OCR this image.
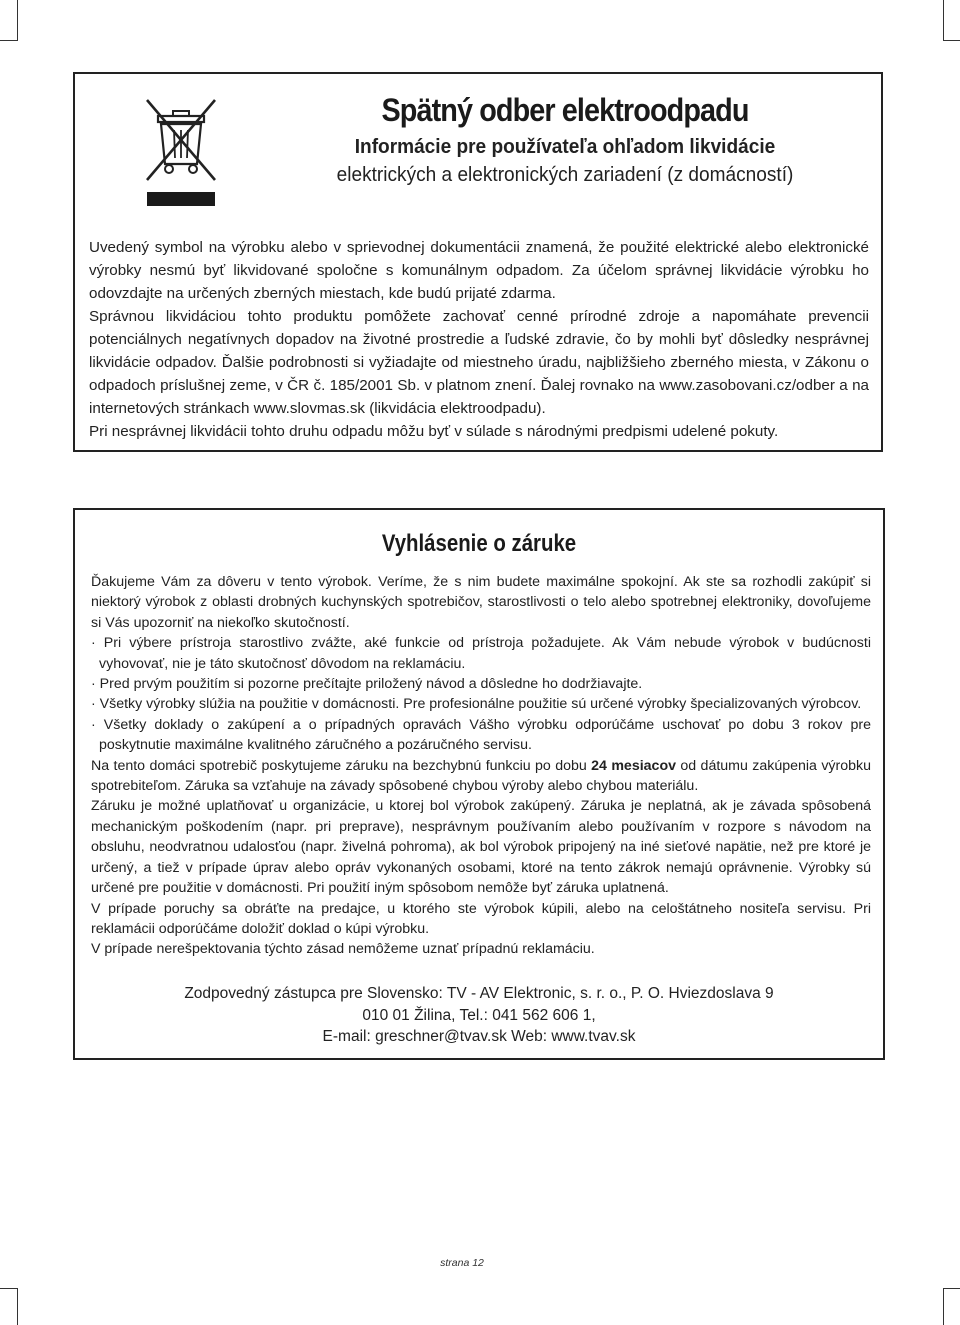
Spätný odber elektroodpadu
Informácie pre používateľa ohľadom likvidácie
elektrických a elektronických zariadení (z domácností)

Uvedený symbol na výrobku alebo v sprievodnej dokumentácii znamená, že použité elektrické alebo elektronické výrobky nesmú byť likvidované spoločne s komunálnym odpadom. Za účelom správnej likvidácie výrobku ho odovzdajte na určených zberných miestach, kde budú prijaté zdarma.

Správnou likvidáciou tohto produktu pomôžete zachovať cenné prírodné zdroje a napomáhate prevencii potenciálnych negatívnych dopadov na životné prostredie a ľudské zdravie, čo by mohli byť dôsledky nesprávnej likvidácie odpadov. Ďalšie podrobnosti si vyžiadajte od miestneho úradu, najbližšieho zberného miesta, v Zákonu o odpadoch príslušnej zeme, v ČR č. 185/2001 Sb. v platnom znení. Ďalej rovnako na www.zasobovani.cz/odber a na internetových stránkach www.slovmas.sk (likvidácia elektroodpadu).

Pri nesprávnej likvidácii tohto druhu odpadu môžu byť v súlade s národnými predpismi udelené pokuty.

Vyhlásenie o záruke

Ďakujeme Vám za dôveru v tento výrobok. Veríme, že s nim budete maximálne spokojní. Ak ste sa rozhodli zakúpiť si niektorý výrobok z oblasti drobných kuchynských spotrebičov, starostlivosti o telo alebo spotrebnej elektroniky, dovoľujeme si Vás upozorniť na niekoľko skutočností.

· Pri výbere prístroja starostlivo zvážte, aké funkcie od prístroja požadujete. Ak Vám nebude výrobok v budúcnosti vyhovovať, nie je táto skutočnosť dôvodom na reklamáciu.

· Pred prvým použitím si pozorne prečítajte priložený návod a dôsledne ho dodržiavajte.

· Všetky výrobky slúžia na použitie v domácnosti. Pre profesionálne použitie sú určené výrobky špecializovaných výrobcov.

· Všetky doklady o zakúpení a o prípadných opravách Vášho výrobku odporúčáme uschovať po dobu 3 rokov pre poskytnutie maximálne kvalitného záručného a pozáručného servisu.

Na tento domáci spotrebič poskytujeme záruku na bezchybnú funkciu po dobu 24 mesiacov od dátumu zakúpenia výrobku spotrebiteľom. Záruka sa vzťahuje na závady spôsobené chybou výroby alebo chybou materiálu.

Záruku je možné uplatňovať u organizácie, u ktorej bol výrobok zakúpený. Záruka je neplatná, ak je závada spôsobená mechanickým poškodením (napr. pri preprave), nesprávnym používaním alebo používaním v rozpore s návodom na obsluhu, neodvratnou udalosťou (napr. živelná pohroma), ak bol výrobok pripojený na iné sieťové napätie, než pre ktoré je určený, a tiež v prípade úprav alebo opráv vykonaných osobami, ktoré na tento zákrok nemajú oprávnenie. Výrobky sú určené pre použitie v domácnosti. Pri použití iným spôsobom nemôže byť záruka uplatnená.

V prípade poruchy sa obráťte na predajce, u ktorého ste výrobok kúpili, alebo na celoštátneho nositeľa servisu. Pri reklamácii odporúčáme doložiť doklad o kúpi výrobku.

V prípade nerešpektovania týchto zásad nemôžeme uznať prípadnú reklamáciu.

Zodpovedný zástupca pre Slovensko: TV - AV Elektronic, s. r. o., P. O. Hviezdoslava 9

010 01 Žilina, Tel.: 041 562 606 1,

E-mail: greschner@tvav.sk Web: www.tvav.sk

strana 12
